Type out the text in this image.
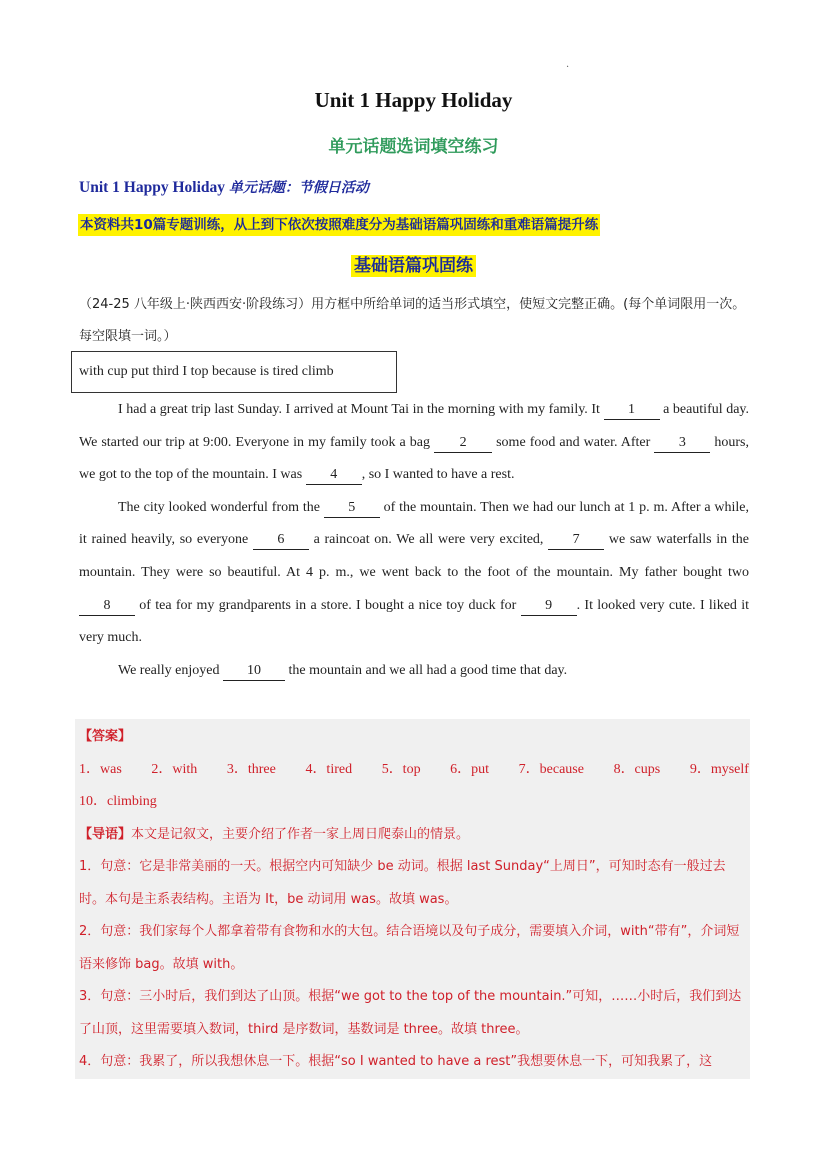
·
Unit 1 Happy Holiday
单元话题选词填空练习
Unit 1 Happy Holiday 单元话题：节假日活动
本资料共10篇专题训练，从上到下依次按照难度分为基础语篇巩固练和重难语篇提升练
基础语篇巩固练
（24-25 八年级上·陕西西安·阶段练习）用方框中所给单词的适当形式填空，使短文完整正确。(每个单词限用一次。每空限填一词。）
with cup put third I top because is tired climb

I had a great trip last Sunday. I arrived at Mount Tai in the morning with my family. It 1 a beautiful day. We started our trip at 9:00. Everyone in my family took a bag 2 some food and water. After 3 hours, we got to the top of the mountain. I was 4 , so I wanted to have a rest.

The city looked wonderful from the 5 of the mountain. Then we had our lunch at 1 p. m. After a while, it rained heavily, so everyone 6 a raincoat on. We all were very excited, 7 we saw waterfalls in the mountain. They were so beautiful. At 4 p. m., we went back to the foot of the mountain. My father bought two 8 of tea for my grandparents in a store. I bought a nice toy duck for 9 . It looked very cute. I liked it very much.

We really enjoyed 10 the mountain and we all had a good time that day.

【答案】
1．was 2．with 3．three 4．tired 5．top 6．put 7．because 8．cups 9．myself
10．climbing
【导语】本文是记叙文，主要介绍了作者一家上周日爬泰山的情景。

1．句意：它是非常美丽的一天。根据空内可知缺少 be 动词。根据 last Sunday“上周日”，可知时态有一般过去时。本句是主系表结构。主语为 It，be 动词用 was。故填 was。

2．句意：我们家每个人都拿着带有食物和水的大包。结合语境以及句子成分，需要填入介词，with“带有”，介词短语来修饰 bag。故填 with。

3．句意：三小时后，我们到达了山顶。根据“we got to the top of the mountain.”可知，……小时后，我们到达了山顶，这里需要填入数词，third 是序数词，基数词是 three。故填 three。

4．句意：我累了，所以我想休息一下。根据“so I wanted to have a rest”我想要休息一下，可知我累了，这
